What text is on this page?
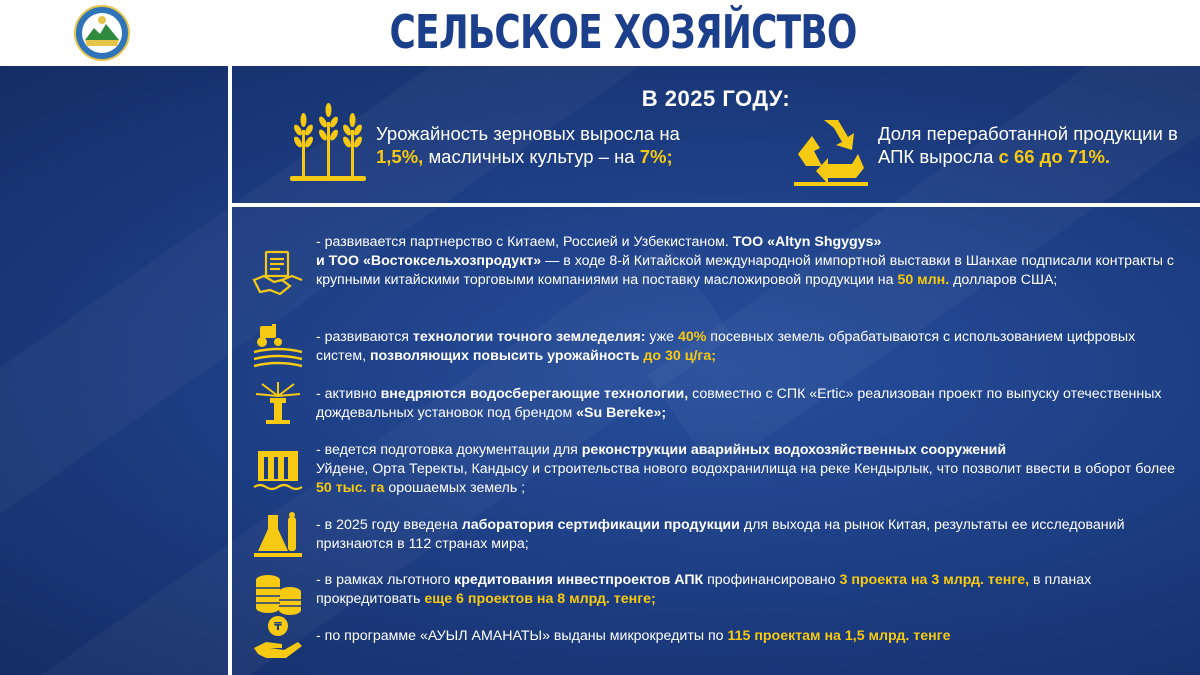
СЕЛЬСКОЕ ХОЗЯЙСТВО
В 2025 ГОДУ:
Урожайность зерновых выросла на 1,5%, масличных культур – на 7%;
Доля переработанной продукции в АПК выросла с 66 до 71%.
- развивается партнерство с Китаем, Россией и Узбекистаном. ТОО «Altyn Shgygys»
и ТОО «Востоксельхозпродукт» — в ходе 8-й Китайской международной импортной выставки в Шанхае подписали контракты с крупными китайскими торговыми компаниями на поставку масложировой продукции на 50 млн. долларов США;
- развиваются технологии точного земледелия: уже 40% посевных земель обрабатываются с использованием цифровых систем, позволяющих повысить урожайность до 30 ц/га;
- активно внедряются водосберегающие технологии, совместно с СПК «Ertic» реализован проект по выпуску отечественных дождевальных установок под брендом «Su Bereke»;
- ведется подготовка документации для реконструкции аварийных водохозяйственных сооружений
Уйдене, Орта Теректы, Кандысу и строительства нового водохранилища на реке Кендырлык, что позволит ввести в оборот более 50 тыс. га орошаемых земель ;
- в 2025 году введена лаборатория сертификации продукции для выхода на рынок Китая, результаты ее исследований признаются в 112 странах мира;
- в рамках льготного кредитования инвестпроектов АПК профинансировано 3 проекта на 3 млрд. тенге, в планах прокредитовать еще 6 проектов на 8 млрд. тенге;
₸
- по программе «АУЫЛ АМАНАТЫ» выданы микрокредиты по 115 проектам на 1,5 млрд. тенге
